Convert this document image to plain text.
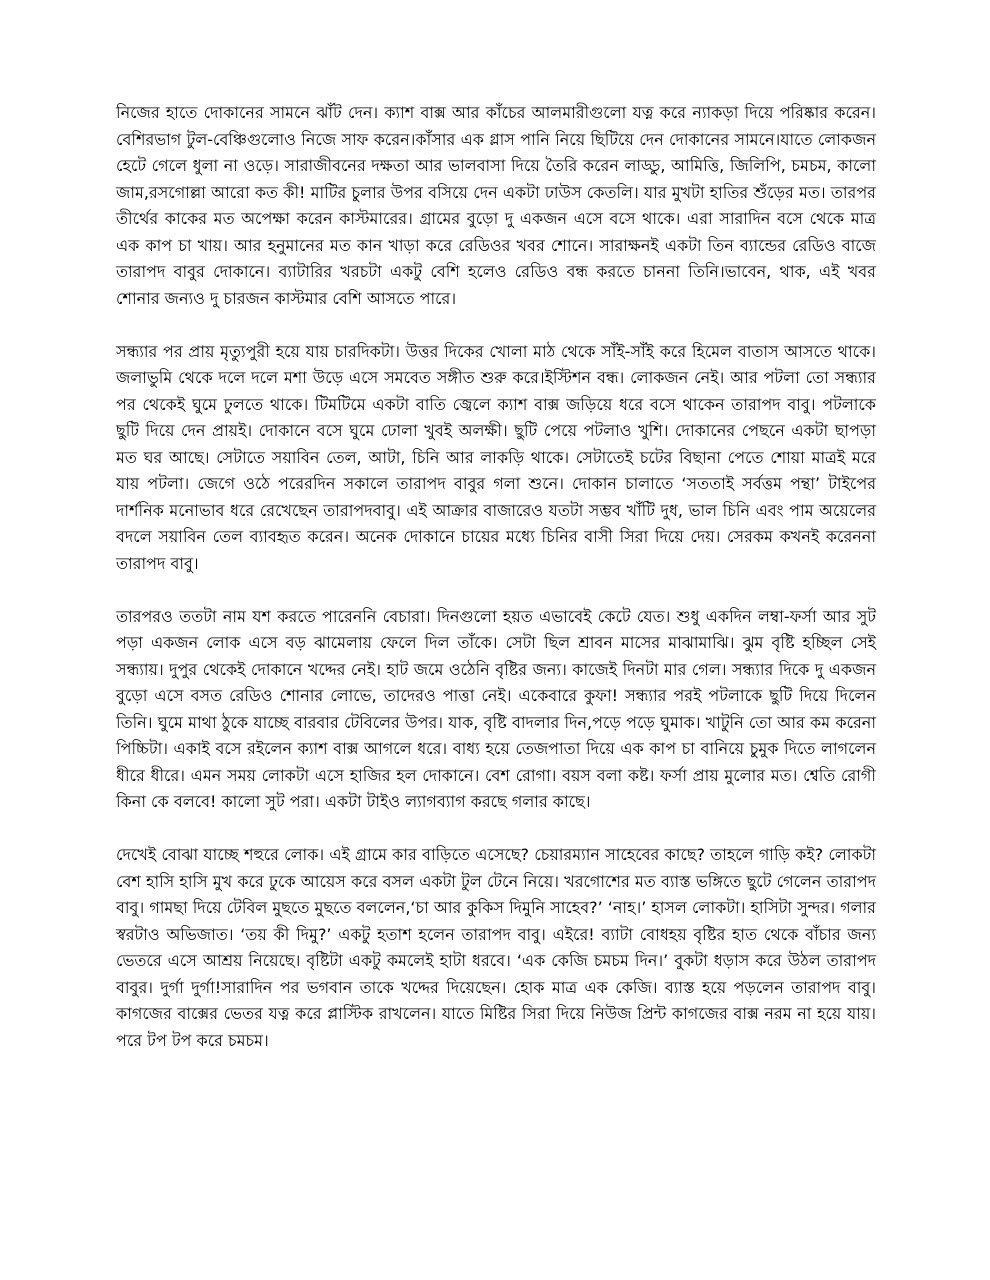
নিজের হাতে দোকানের সামনে ঝাঁট দেন। ক্যাশ বাক্স আর কাঁচের আলমারীগুলো যত্ন করে ন্যাকড়া দিয়ে পরিষ্কার করেন। বেশিরভাগ টুল-বেঞ্চিগুলোও নিজে সাফ করেন।কাঁসার এক গ্লাস পানি নিয়ে ছিটিয়ে দেন দোকানের সামনে।যাতে লোকজন হেটে গেলে ধুলা না ওড়ে। সারাজীবনের দক্ষতা আর ভালবাসা দিয়ে তৈরি করেন লাড্ডু, আমিত্তি, জিলিপি, চমচম, কালো জাম,রসগোল্লা আরো কত কী! মাটির চুলার উপর বসিয়ে দেন একটা ঢাউস কেতলি। যার মুখটা হাতির শুঁড়ের মত। তারপর তীর্থের কাকের মত অপেক্ষা করেন কাস্টমারের। গ্রামের বুড়ো দু একজন এসে বসে থাকে। এরা সারাদিন বসে থেকে মাত্র এক কাপ চা খায়। আর হনুমানের মত কান খাড়া করে রেডিওর খবর শোনে। সারাক্ষনই একটা তিন ব্যান্ডের রেডিও বাজে তারাপদ বাবুর দোকানে। ব্যাটারির খরচটা একটু বেশি হলেও রেডিও বন্ধ করতে চাননা তিনি।ভাবেন, থাক, এই খবর শোনার জন্যও দু চারজন কাস্টমার বেশি আসতে পারে।

সন্ধ্যার পর প্রায় মৃত্যুপুরী হয়ে যায় চারদিকটা। উত্তর দিকের খোলা মাঠ থেকে সাঁই-সাঁই করে হিমেল বাতাস আসতে থাকে। জলাভুমি থেকে দলে দলে মশা উড়ে এসে সমবেত সঙ্গীত শুরু করে।ইস্টিশন বন্ধ। লোকজন নেই। আর পটলা তো সন্ধ্যার পর থেকেই ঘুমে ঢুলতে থাকে। টিমটিমে একটা বাতি জ্বেলে ক্যাশ বাক্স জড়িয়ে ধরে বসে থাকেন তারাপদ বাবু। পটলাকে ছুটি দিয়ে দেন প্রায়ই। দোকানে বসে ঘুমে ঢোলা খুবই অলক্ষী। ছুটি পেয়ে পটলাও খুশি। দোকানের পেছনে একটা ছাপড়া মত ঘর আছে। সেটাতে সয়াবিন তেল, আটা, চিনি আর লাকড়ি থাকে। সেটাতেই চটের বিছানা পেতে শোয়া মাত্রই মরে যায় পটলা। জেগে ওঠে পরেরদিন সকালে তারাপদ বাবুর গলা শুনে। দোকান চালাতে ‘সততাই সর্বত্তম পন্থা’ টাইপের দার্শনিক মনোভাব ধরে রেখেছেন তারাপদবাবু। এই আক্রার বাজারেও যতটা সম্ভব খাঁটি দুধ, ভাল চিনি এবং পাম অয়েলের বদলে সয়াবিন তেল ব্যাবহৃত করেন। অনেক দোকানে চায়ের মধ্যে চিনির বাসী সিরা দিয়ে দেয়। সেরকম কখনই করেননা তারাপদ বাবু।

তারপরও ততটা নাম যশ করতে পারেননি বেচারা। দিনগুলো হয়ত এভাবেই কেটে যেত। শুধু একদিন লম্বা-ফর্সা আর সুট পড়া একজন লোক এসে বড় ঝামেলায় ফেলে দিল তাঁকে। সেটা ছিল শ্রাবন মাসের মাঝামাঝি। ঝুম বৃষ্টি হচ্ছিল সেই সন্ধ্যায়। দুপুর থেকেই দোকানে খদ্দের নেই। হাট জমে ওঠেনি বৃষ্টির জন্য। কাজেই দিনটা মার গেল। সন্ধ্যার দিকে দু একজন বুড়ো এসে বসত রেডিও শোনার লোভে, তাদেরও পাত্তা নেই। একেবারে কুফা! সন্ধ্যার পরই পটলাকে ছুটি দিয়ে দিলেন তিনি। ঘুমে মাথা ঠুকে যাচ্ছে বারবার টেবিলের উপর। যাক, বৃষ্টি বাদলার দিন,পড়ে পড়ে ঘুমাক। খাটুনি তো আর কম করেনা পিচ্চিটা। একাই বসে রইলেন ক্যাশ বাক্স আগলে ধরে। বাধ্য হয়ে তেজপাতা দিয়ে এক কাপ চা বানিয়ে চুমুক দিতে লাগলেন ধীরে ধীরে। এমন সময় লোকটা এসে হাজির হল দোকানে। বেশ রোগা। বয়স বলা কষ্ট। ফর্সা প্রায় মুলোর মত। শ্বেতি রোগী কিনা কে বলবে! কালো সুট পরা। একটা টাইও ল্যাগব্যাগ করছে গলার কাছে।

দেখেই বোঝা যাচ্ছে শহুরে লোক। এই গ্রামে কার বাড়িতে এসেছে? চেয়ারম্যান সাহেবের কাছে? তাহলে গাড়ি কই? লোকটা বেশ হাসি হাসি মুখ করে ঢুকে আয়েস করে বসল একটা টুল টেনে নিয়ে। খরগোশের মত ব্যাস্ত ভঙ্গিতে ছুটে গেলেন তারাপদ বাবু। গামছা দিয়ে টেবিল মুছতে মুছতে বললেন,‘চা আর কুকিস দিমুনি সাহেব?’ ‘নাহ।’ হাসল লোকটা। হাসিটা সুন্দর। গলার স্বরটাও অভিজাত। ‘তয় কী দিমু?’ একটু হতাশ হলেন তারাপদ বাবু। এইরে! ব্যাটা বোধহয় বৃষ্টির হাত থেকে বাঁচার জন্য ভেতরে এসে আশ্রয় নিয়েছে। বৃষ্টিটা একটু কমলেই হাটা ধরবে। ‘এক কেজি চমচম দিন।’ বুকটা ধড়াস করে উঠল তারাপদ বাবুর। দুর্গা দুর্গা!সারাদিন পর ভগবান তাকে খদ্দের দিয়েছেন। হোক মাত্র এক কেজি। ব্যাস্ত হয়ে পড়লেন তারাপদ বাবু। কাগজের বাক্সের ভেতর যত্ন করে প্লাস্টিক রাখলেন। যাতে মিষ্টির সিরা দিয়ে নিউজ প্রিন্ট কাগজের বাক্স নরম না হয়ে যায়।পরে টপ টপ করে চমচম।
